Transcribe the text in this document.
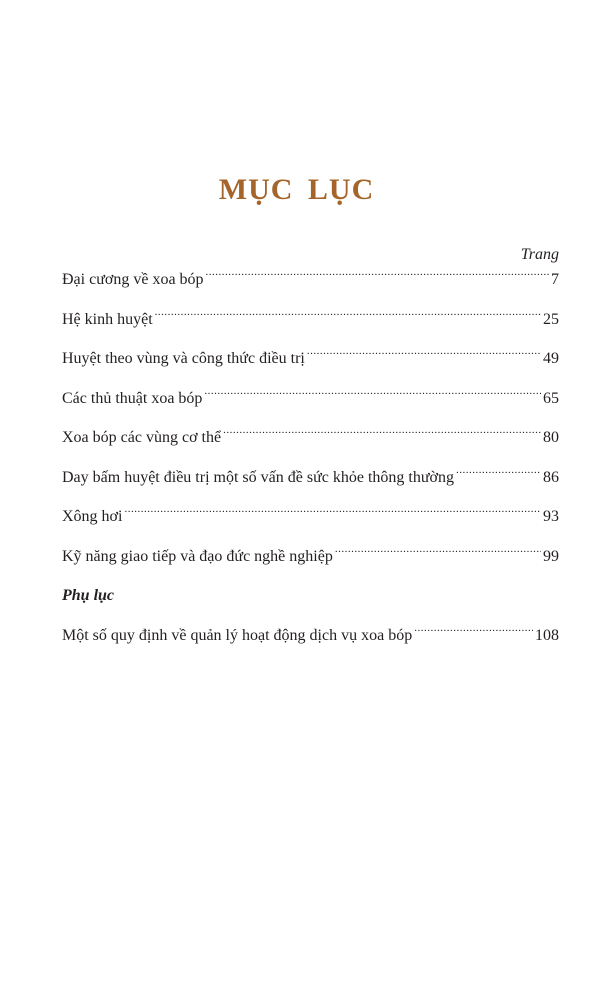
MỤC LỤC
Trang
Đại cương về xoa bóp .....	7
Hệ kinh huyệt .....	25
Huyệt theo vùng và công thức điều trị .....	49
Các thủ thuật xoa bóp .....	65
Xoa bóp các vùng cơ thể .....	80
Day bấm huyệt điều trị một số vấn đề sức khỏe thông thường .....	86
Xông hơi .....	93
Kỹ năng giao tiếp và đạo đức nghề nghiệp .....	99
Phụ lục
Một số quy định về quản lý hoạt động dịch vụ xoa bóp .....	108
